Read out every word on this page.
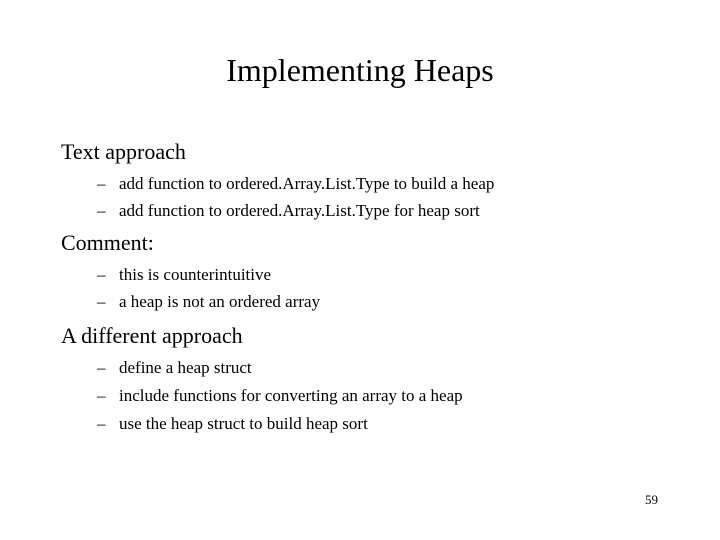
Implementing Heaps
Text approach
– add function to ordered.Array.List.Type to build a heap
– add function to ordered.Array.List.Type for heap sort
Comment:
– this is counterintuitive
– a heap is not an ordered array
A different approach
– define a heap struct
– include functions for converting an array to a heap
– use the heap struct to build heap sort
59
